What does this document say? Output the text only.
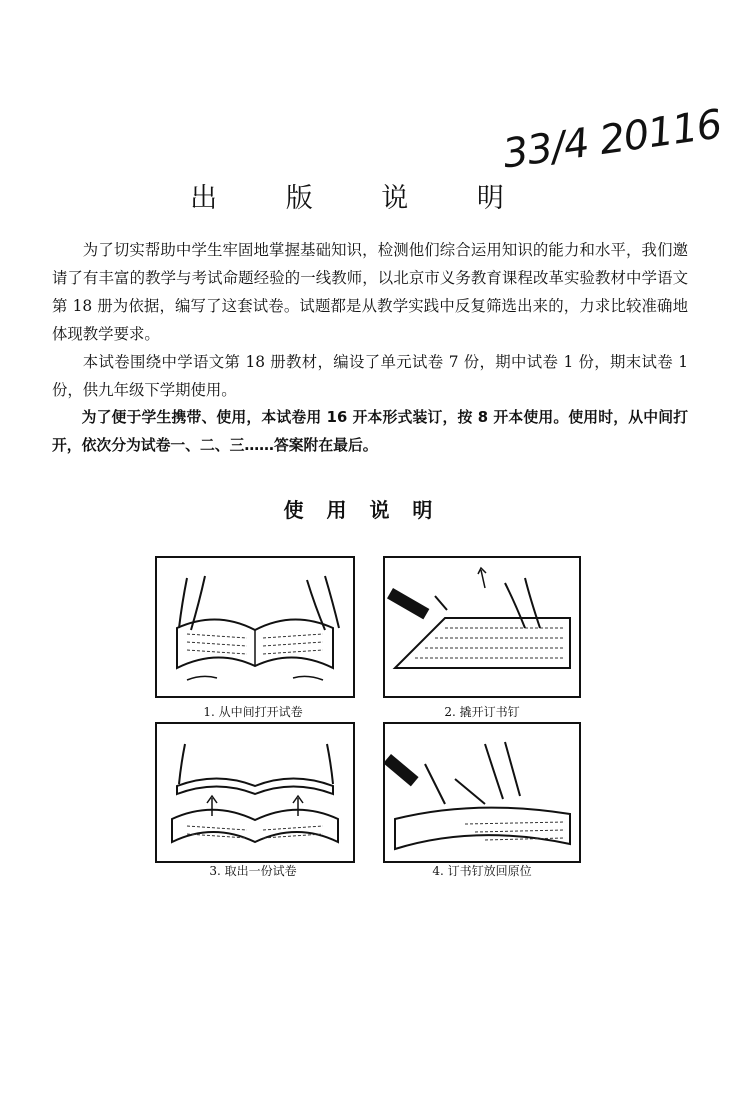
33/4 20116
出 版 说 明

为了切实帮助中学生牢固地掌握基础知识，检测他们综合运用知识的能力和水平，我们邀请了有丰富的教学与考试命题经验的一线教师，以北京市义务教育课程改革实验教材中学语文第 18 册为依据，编写了这套试卷。试题都是从教学实践中反复筛选出来的，力求比较准确地体现教学要求。

本试卷围绕中学语文第 18 册教材，编设了单元试卷 7 份，期中试卷 1 份，期末试卷 1 份，供九年级下学期使用。

为了便于学生携带、使用，本试卷用 16 开本形式装订，按 8 开本使用。使用时，从中间打开，依次分为试卷一、二、三……答案附在最后。

使 用 说 明
1. 从中间打开试卷	2. 撬开订书钉
3. 取出一份试卷	4. 订书钉放回原位
